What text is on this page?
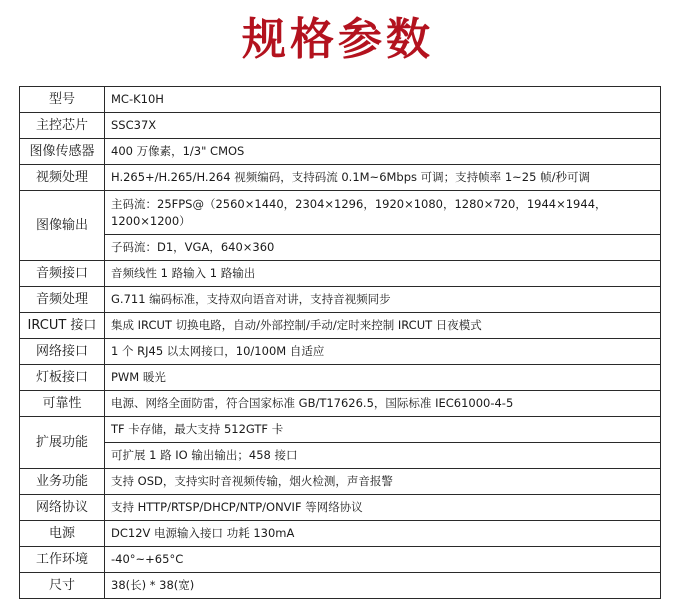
规格参数
型号	MC-K10H
主控芯片	SSC37X
图像传感器	400 万像素，1/3" CMOS
视频处理	H.265+/H.265/H.264 视频编码，支持码流 0.1M~6Mbps 可调；支持帧率 1~25 帧/秒可调
图像输出	主码流：25FPS@（2560×1440，2304×1296，1920×1080，1280×720，1944×1944，1200×1200）
	子码流：D1，VGA，640×360
音频接口	音频线性 1 路输入 1 路输出
音频处理	G.711 编码标准，支持双向语音对讲，支持音视频同步
IRCUT 接口	集成 IRCUT 切换电路，自动/外部控制/手动/定时来控制 IRCUT 日夜模式
网络接口	1 个 RJ45 以太网接口，10/100M 自适应
灯板接口	PWM 暖光
可靠性	电源、网络全面防雷，符合国家标准 GB/T17626.5，国际标准 IEC61000-4-5
扩展功能	TF 卡存储，最大支持 512GTF 卡
	可扩展 1 路 IO 输出输出；458 接口
业务功能	支持 OSD，支持实时音视频传输，烟火检测，声音报警
网络协议	支持 HTTP/RTSP/DHCP/NTP/ONVIF 等网络协议
电源	DC12V 电源输入接口 功耗 130mA
工作环境	-40°~+65°C
尺寸	38(长) * 38(宽)
